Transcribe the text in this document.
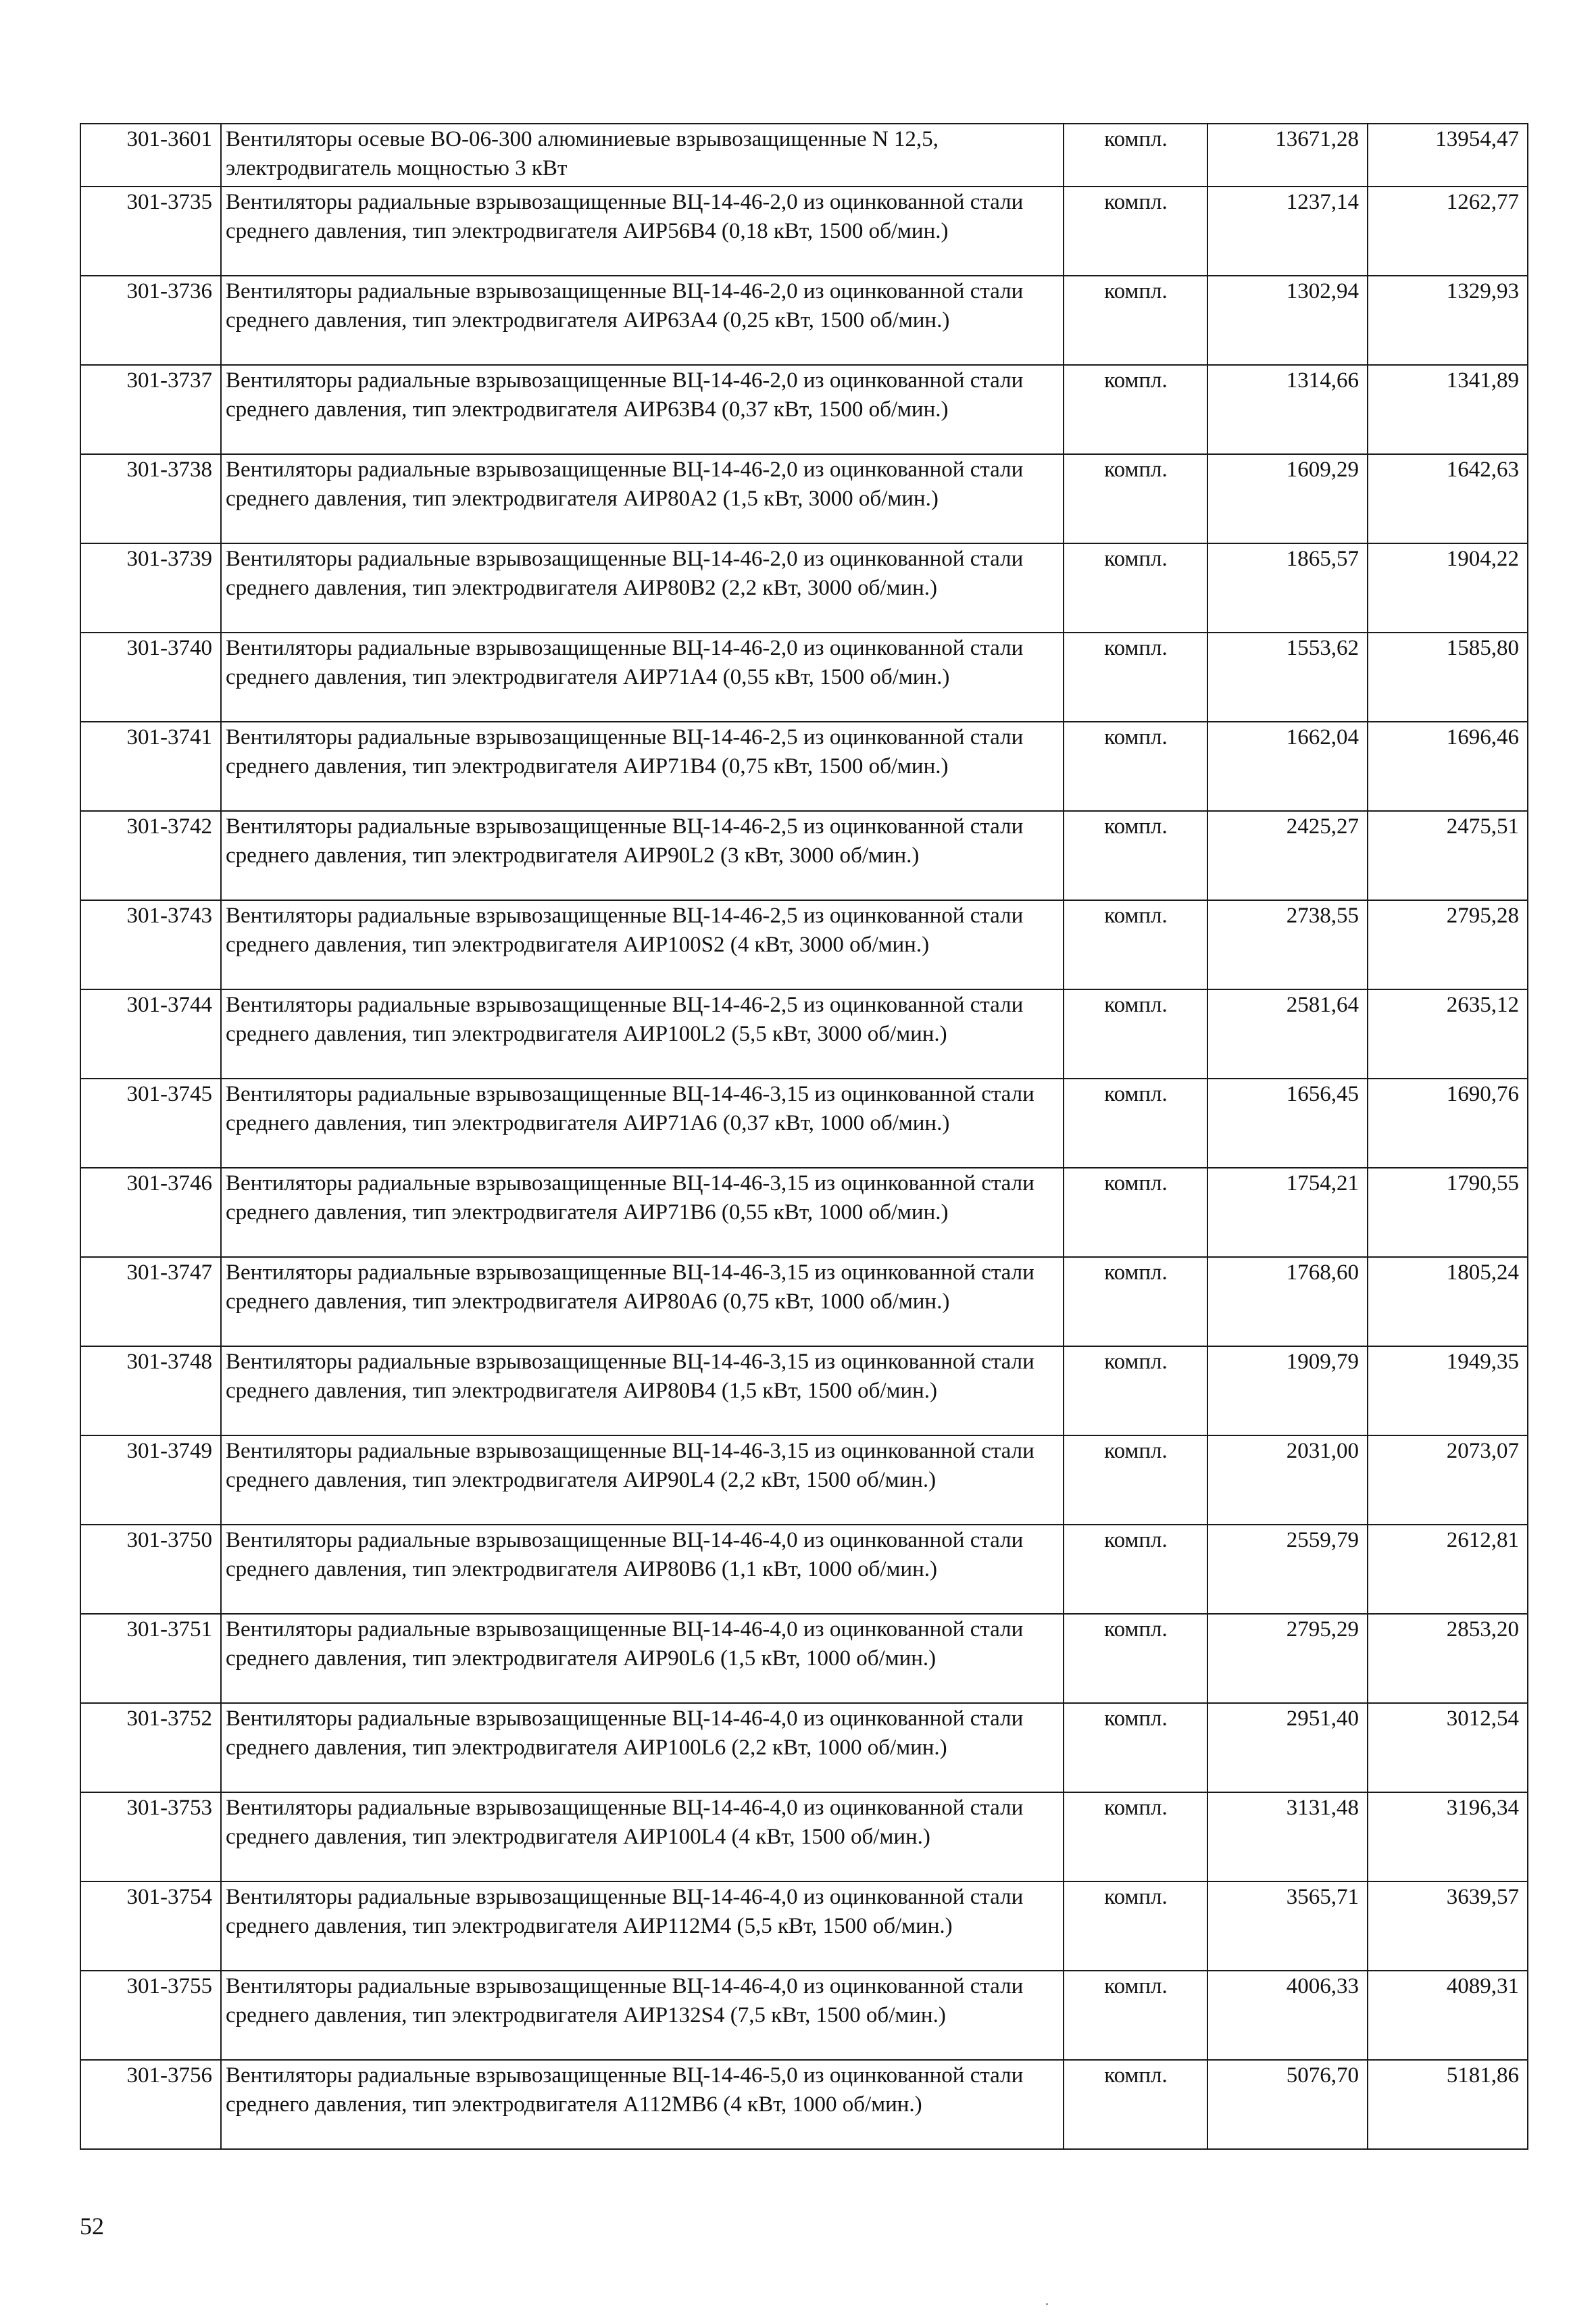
301-3601	Вентиляторы осевые ВО-06-300 алюминиевые взрывозащищенные N 12,5, электродвигатель мощностью 3 кВт	компл.	13671,28	13954,47
301-3735	Вентиляторы радиальные взрывозащищенные ВЦ-14-46-2,0 из оцинкованной стали среднего давления, тип электродвигателя АИР56В4 (0,18 кВт, 1500 об/мин.)	компл.	1237,14	1262,77
301-3736	Вентиляторы радиальные взрывозащищенные ВЦ-14-46-2,0 из оцинкованной стали среднего давления, тип электродвигателя АИР63А4 (0,25 кВт, 1500 об/мин.)	компл.	1302,94	1329,93
301-3737	Вентиляторы радиальные взрывозащищенные ВЦ-14-46-2,0 из оцинкованной стали среднего давления, тип электродвигателя АИР63В4 (0,37 кВт, 1500 об/мин.)	компл.	1314,66	1341,89
301-3738	Вентиляторы радиальные взрывозащищенные ВЦ-14-46-2,0 из оцинкованной стали среднего давления, тип электродвигателя АИР80А2 (1,5 кВт, 3000 об/мин.)	компл.	1609,29	1642,63
301-3739	Вентиляторы радиальные взрывозащищенные ВЦ-14-46-2,0 из оцинкованной стали среднего давления, тип электродвигателя АИР80В2 (2,2 кВт, 3000 об/мин.)	компл.	1865,57	1904,22
301-3740	Вентиляторы радиальные взрывозащищенные ВЦ-14-46-2,0 из оцинкованной стали среднего давления, тип электродвигателя АИР71А4 (0,55 кВт, 1500 об/мин.)	компл.	1553,62	1585,80
301-3741	Вентиляторы радиальные взрывозащищенные ВЦ-14-46-2,5 из оцинкованной стали среднего давления, тип электродвигателя АИР71В4 (0,75 кВт, 1500 об/мин.)	компл.	1662,04	1696,46
301-3742	Вентиляторы радиальные взрывозащищенные ВЦ-14-46-2,5 из оцинкованной стали среднего давления, тип электродвигателя АИР90L2 (3 кВт, 3000 об/мин.)	компл.	2425,27	2475,51
301-3743	Вентиляторы радиальные взрывозащищенные ВЦ-14-46-2,5 из оцинкованной стали среднего давления, тип электродвигателя АИР100S2 (4 кВт, 3000 об/мин.)	компл.	2738,55	2795,28
301-3744	Вентиляторы радиальные взрывозащищенные ВЦ-14-46-2,5 из оцинкованной стали среднего давления, тип электродвигателя АИР100L2 (5,5 кВт, 3000 об/мин.)	компл.	2581,64	2635,12
301-3745	Вентиляторы радиальные взрывозащищенные ВЦ-14-46-3,15 из оцинкованной стали среднего давления, тип электродвигателя АИР71А6 (0,37 кВт, 1000 об/мин.)	компл.	1656,45	1690,76
301-3746	Вентиляторы радиальные взрывозащищенные ВЦ-14-46-3,15 из оцинкованной стали среднего давления, тип электродвигателя АИР71В6 (0,55 кВт, 1000 об/мин.)	компл.	1754,21	1790,55
301-3747	Вентиляторы радиальные взрывозащищенные ВЦ-14-46-3,15 из оцинкованной стали среднего давления, тип электродвигателя АИР80А6 (0,75 кВт, 1000 об/мин.)	компл.	1768,60	1805,24
301-3748	Вентиляторы радиальные взрывозащищенные ВЦ-14-46-3,15 из оцинкованной стали среднего давления, тип электродвигателя АИР80В4 (1,5 кВт, 1500 об/мин.)	компл.	1909,79	1949,35
301-3749	Вентиляторы радиальные взрывозащищенные ВЦ-14-46-3,15 из оцинкованной стали среднего давления, тип электродвигателя АИР90L4 (2,2 кВт, 1500 об/мин.)	компл.	2031,00	2073,07
301-3750	Вентиляторы радиальные взрывозащищенные ВЦ-14-46-4,0 из оцинкованной стали среднего давления, тип электродвигателя АИР80В6 (1,1 кВт, 1000 об/мин.)	компл.	2559,79	2612,81
301-3751	Вентиляторы радиальные взрывозащищенные ВЦ-14-46-4,0 из оцинкованной стали среднего давления, тип электродвигателя АИР90L6 (1,5 кВт, 1000 об/мин.)	компл.	2795,29	2853,20
301-3752	Вентиляторы радиальные взрывозащищенные ВЦ-14-46-4,0 из оцинкованной стали среднего давления, тип электродвигателя АИР100L6 (2,2 кВт, 1000 об/мин.)	компл.	2951,40	3012,54
301-3753	Вентиляторы радиальные взрывозащищенные ВЦ-14-46-4,0 из оцинкованной стали среднего давления, тип электродвигателя АИР100L4 (4 кВт, 1500 об/мин.)	компл.	3131,48	3196,34
301-3754	Вентиляторы радиальные взрывозащищенные ВЦ-14-46-4,0 из оцинкованной стали среднего давления, тип электродвигателя АИР112М4 (5,5 кВт, 1500 об/мин.)	компл.	3565,71	3639,57
301-3755	Вентиляторы радиальные взрывозащищенные ВЦ-14-46-4,0 из оцинкованной стали среднего давления, тип электродвигателя АИР132S4 (7,5 кВт, 1500 об/мин.)	компл.	4006,33	4089,31
301-3756	Вентиляторы радиальные взрывозащищенные ВЦ-14-46-5,0 из оцинкованной стали среднего давления, тип электродвигателя А112МВ6 (4 кВт, 1000 об/мин.)	компл.	5076,70	5181,86
52
